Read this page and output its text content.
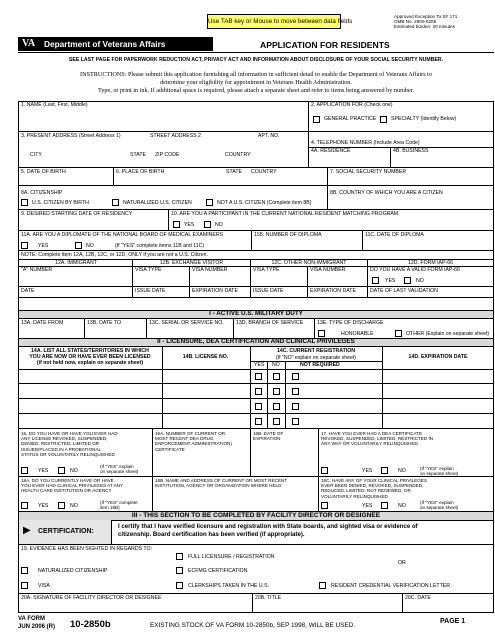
Use TAB key or Mouse to move between data fields
Approved Exception To SF 171
OMB No. 2900-0205
Estimated burden: 30 minutes
VA Department of Veterans Affairs	APPLICATION FOR RESIDENTS
SEE LAST PAGE FOR PAPERWORK REDUCTION ACT, PRIVACY ACT AND INFORMATION ABOUT DISCLOSURE OF YOUR SOCIAL SECURITY NUMBER.
INSTRUCTIONS: Please submit this application furnishing all information in sufficient detail to enable the Department of Veterans Affairs to
determine your eligibility for appointment in Veterans Health Administration.
Type, or print in ink. If additional space is required, please attach a separate sheet and refer to items being answered by number.
1. NAME (Last, First, Middle)	2. APPLICATION FOR (Check one)
GENERAL PRACTICE	SPECIALTY (Identify Below)
3. PRESENT ADDRESS (Street Address 1)	STREET ADDRESS 2	APT. NO.
CITY	STATE ZIP CODE	COUNTRY
4. TELEPHONE NUMBER (Include Area Code)
4A. RESIDENCE	4B. BUSINESS
5. DATE OF BIRTH	6. PLACE OF BIRTH	STATE COUNTRY	7. SOCIAL SECURITY NUMBER
8A. CITIZENSHIP
U.S. CITIZEN BY BIRTH	NATURALIZED U.S. CITIZEN	NOT A U.S. CITIZEN (Complete item 8B)
8B. COUNTRY OF WHICH YOU ARE A CITIZEN
9. DESIRED STARTING DATE OF RESIDENCY	10. ARE YOU A PARTICIPANT IN THE CURRENT NATIONAL RESIDENT MATCHING PROGRAM
YES	NO
11A. ARE YOU A DIPLOMATE OF THE NATIONAL BOARD OF MEDICAL EXAMINERS
YES	NO	(If "YES" complete items 11B and 11C)
11B. NUMBER OF DIPLOMA	11C. DATE OF DIPLOMA
NOTE: Complete item 12A, 12B, 12C, or 12D, ONLY if you are not a U.S. Citizen.
12A. IMMIGRANT	12B. EXCHANGE VISITOR	12C. OTHER NON-IMMIGRANT	12D. FORM IAP-66
"A" NUMBER	VISA TYPE	VISA NUMBER	VISA TYPE	VISA NUMBER	DO YOU HAVE A VALID FORM IAP-66
YES	NO
DATE	ISSUE DATE	EXPIRATION DATE	ISSUE DATE	EXPIRATION DATE	DATE OF LAST VALIDATION
I - ACTIVE U.S. MILITARY DUTY
13A. DATE FROM	13B. DATE TO	13C. SERIAL OR SERVICE NO. 13D. BRANCH OF SERVICE	13E. TYPE OF DISCHARGE
HONORABLE	OTHER (Explain on separate sheet)
II - LICENSURE, DEA CERTIFICATION AND CLINICAL PRIVILEGES
14A. LIST ALL STATES/TERRITORIES IN WHICH
YOU ARE NOW OR HAVE EVER BEEN LICENSED
(if not held now, explain on separate sheet)
14B. LICENSE NO.
14C. CURRENT REGISTRATION
(If "NO" explain on separate sheet)	14D. EXPIRATION DATE
YES NO	NOT REQUIRED
15. DO YOU HAVE OR HAVE YOU EVER HAD
ANY LICENSE REVOKED, SUSPENDED,
DENIED, RESTRICTED, LIMITED OR
ISSUED/PLACED IN A PROBATIONAL
STATUS OR VOLUNTARILY RELINQUISHED
(If "YES" explain
on separate sheet)
YES	NO
16A. NUMBER OF CURRENT OR
MOST RECENT DEA DRUG
ENFORCEMENT ADMINISTRATION)
CERTIFICATE
16B. DATE OF
EXPIRATION
17. HAVE YOU EVER HAD A DEA CERTIFICATE
REVOKED, SUSPENDED, LIMITED, RESTRICTED IN
ANY WAY OR VOLUNTARILY RELINQUISHED
YES	NO	(If "YES" explain
on separate sheet)
18A. DO YOU CURRENTLY HAVE OR HAVE
YOU EVER HAD CLINICAL PRIVILEGES AT ANY
HEALTH CARE INSTITUTION OR AGENCY
(If "YES" complete
item 18B)
YES	NO
18B. NAME AND ADDRESS OF CURRENT OR MOST RECENT
INSTITUTION, AGENCY OR ORGANIZATION WHERE HELD
18C. HAVE ANY OF YOUR CLINICAL PRIVILEGES
EVER BEEN DENIED, REVOKED, SUSPENDED,
REDUCED, LIMITED, NOT RENEWED, OR
VOLUNTARILY RELINQUISHED
YES	NO
(If "YES" explain
on separate sheet)
III - THIS SECTION TO BE COMPLETED BY FACILITY DIRECTOR OR DESIGNEE
▶ CERTIFICATION:
I certify that I have verified licensure and registration with State boards, and sighted visa or evidence of
citizenship. Board certification has been verified (if appropriate).
19. EVIDENCE HAS BEEN SIGHTED IN REGARDS TO:
FULL LICENSURE / REGISTRATION
NATURALIZED CITIZENSHIP	ECFMG CERTIFICATION
OR
VISA	CLERKSHIPS TAKEN IN THE U.S.	RESIDENT CREDENTIAL VERIFICATION LETTER
20A. SIGNATURE OF FACILITY DIRECTOR OR DESIGNEE	20B. TITLE	20C. DATE
VA FORM
JUN 2006 (R) 10-2850b	EXISTING STOCK OF VA FORM 10-2850b, SEP 1998, WILL BE USED.
PAGE 1
